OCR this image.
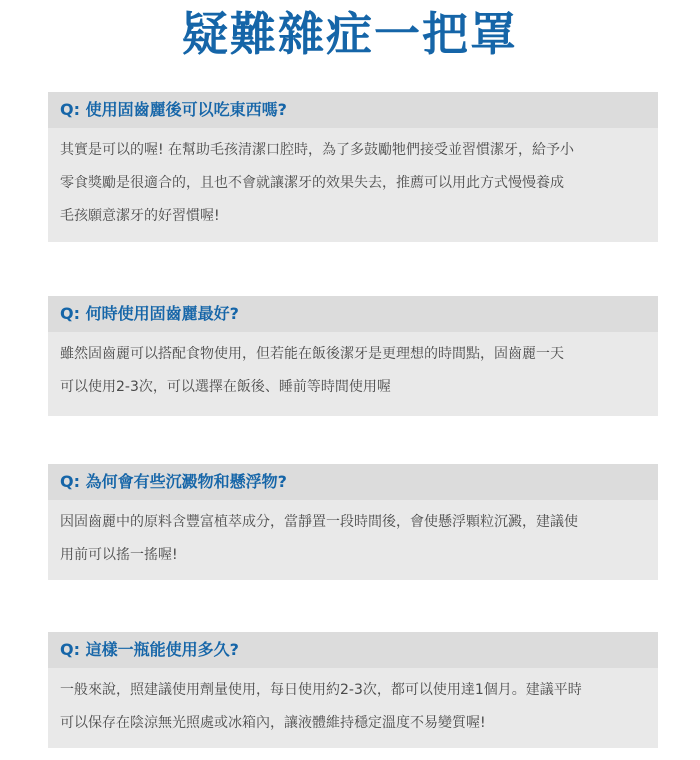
疑難雜症一把罩
Q: 使用固齒麗後可以吃東西嗎?
其實是可以的喔! 在幫助毛孩清潔口腔時，為了多鼓勵牠們接受並習慣潔牙，給予小
零食獎勵是很適合的，且也不會就讓潔牙的效果失去，推薦可以用此方式慢慢養成
毛孩願意潔牙的好習慣喔!
Q: 何時使用固齒麗最好?
雖然固齒麗可以搭配食物使用，但若能在飯後潔牙是更理想的時間點，固齒麗一天
可以使用2-3次，可以選擇在飯後、睡前等時間使用喔
Q: 為何會有些沉澱物和懸浮物?
因固齒麗中的原料含豐富植萃成分，當靜置一段時間後，會使懸浮顆粒沉澱，建議使
用前可以搖一搖喔!
Q: 這樣一瓶能使用多久?
一般來說，照建議使用劑量使用，每日使用約2-3次，都可以使用達1個月。建議平時
可以保存在陰涼無光照處或冰箱內，讓液體維持穩定溫度不易變質喔!
